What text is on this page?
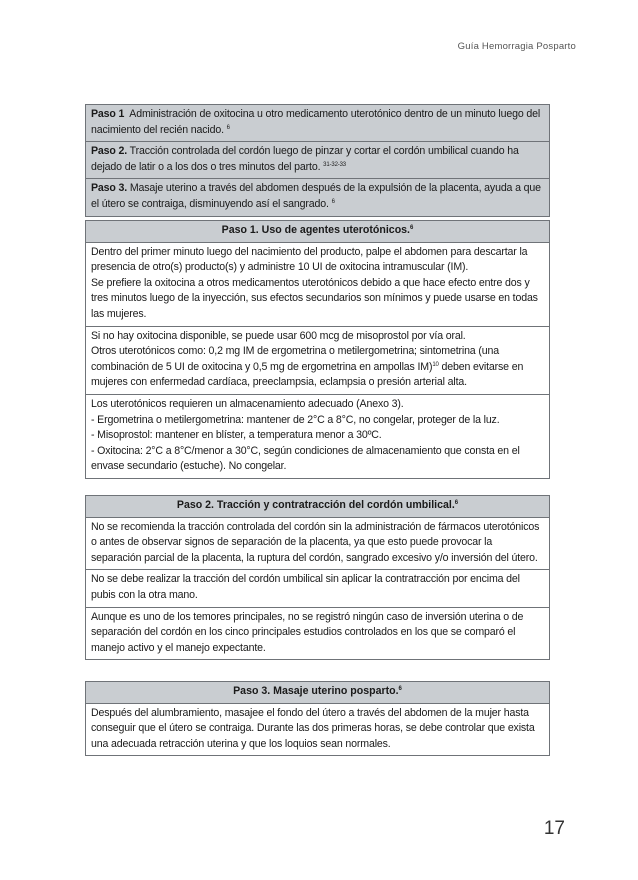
Guía Hemorragia Posparto
Paso 1 Administración de oxitocina u otro medicamento uterotónico dentro de un minuto luego del nacimiento del recién nacido. $^6$
Paso 2. Tracción controlada del cordón luego de pinzar y cortar el cordón umbilical cuando ha dejado de latir o a los dos o tres minutos del parto. $^{31-32-33}$
Paso 3. Masaje uterino a través del abdomen después de la expulsión de la placenta, ayuda a que el útero se contraiga, disminuyendo así el sangrado. $^6$
Paso 1. Uso de agentes uterotónicos.$^6$
Dentro del primer minuto luego del nacimiento del producto, palpe el abdomen para descartar la
presencia de otro(s) producto(s) y administre 10 UI de oxitocina intramuscular (IM).
Se prefiere la oxitocina a otros medicamentos uterotónicos debido a que hace efecto entre dos y
tres minutos luego de la inyección, sus efectos secundarios son mínimos y puede usarse en todas
las mujeres.
Si no hay oxitocina disponible, se puede usar 600 mcg de misoprostol por vía oral.
Otros uterotónicos como: 0,2 mg IM de ergometrina o metilergometrina; sintometrina (una
combinación de 5 UI de oxitocina y 0,5 mg de ergometrina en ampollas IM)$^{10}$ deben evitarse en
mujeres con enfermedad cardíaca, preeclampsia, eclampsia o presión arterial alta.
Los uterotónicos requieren un almacenamiento adecuado (Anexo 3).
- Ergometrina o metilergometrina: mantener de 2°C a 8°C, no congelar, proteger de la luz.
- Misoprostol: mantener en blíster, a temperatura menor a 30ºC.
- Oxitocina: 2°C a 8°C/menor a 30°C, según condiciones de almacenamiento que consta en el
envase secundario (estuche). No congelar.
Paso 2. Tracción y contratracción del cordón umbilical.$^6$
No se recomienda la tracción controlada del cordón sin la administración de fármacos uterotónicos
o antes de observar signos de separación de la placenta, ya que esto puede provocar la
separación parcial de la placenta, la ruptura del cordón, sangrado excesivo y/o inversión del útero.
No se debe realizar la tracción del cordón umbilical sin aplicar la contratracción por encima del
pubis con la otra mano.
Aunque es uno de los temores principales, no se registró ningún caso de inversión uterina o de
separación del cordón en los cinco principales estudios controlados en los que se comparó el
manejo activo y el manejo expectante.
Paso 3. Masaje uterino posparto.$^6$
Después del alumbramiento, masajee el fondo del útero a través del abdomen de la mujer hasta
conseguir que el útero se contraiga. Durante las dos primeras horas, se debe controlar que exista
una adecuada retracción uterina y que los loquios sean normales.
17
